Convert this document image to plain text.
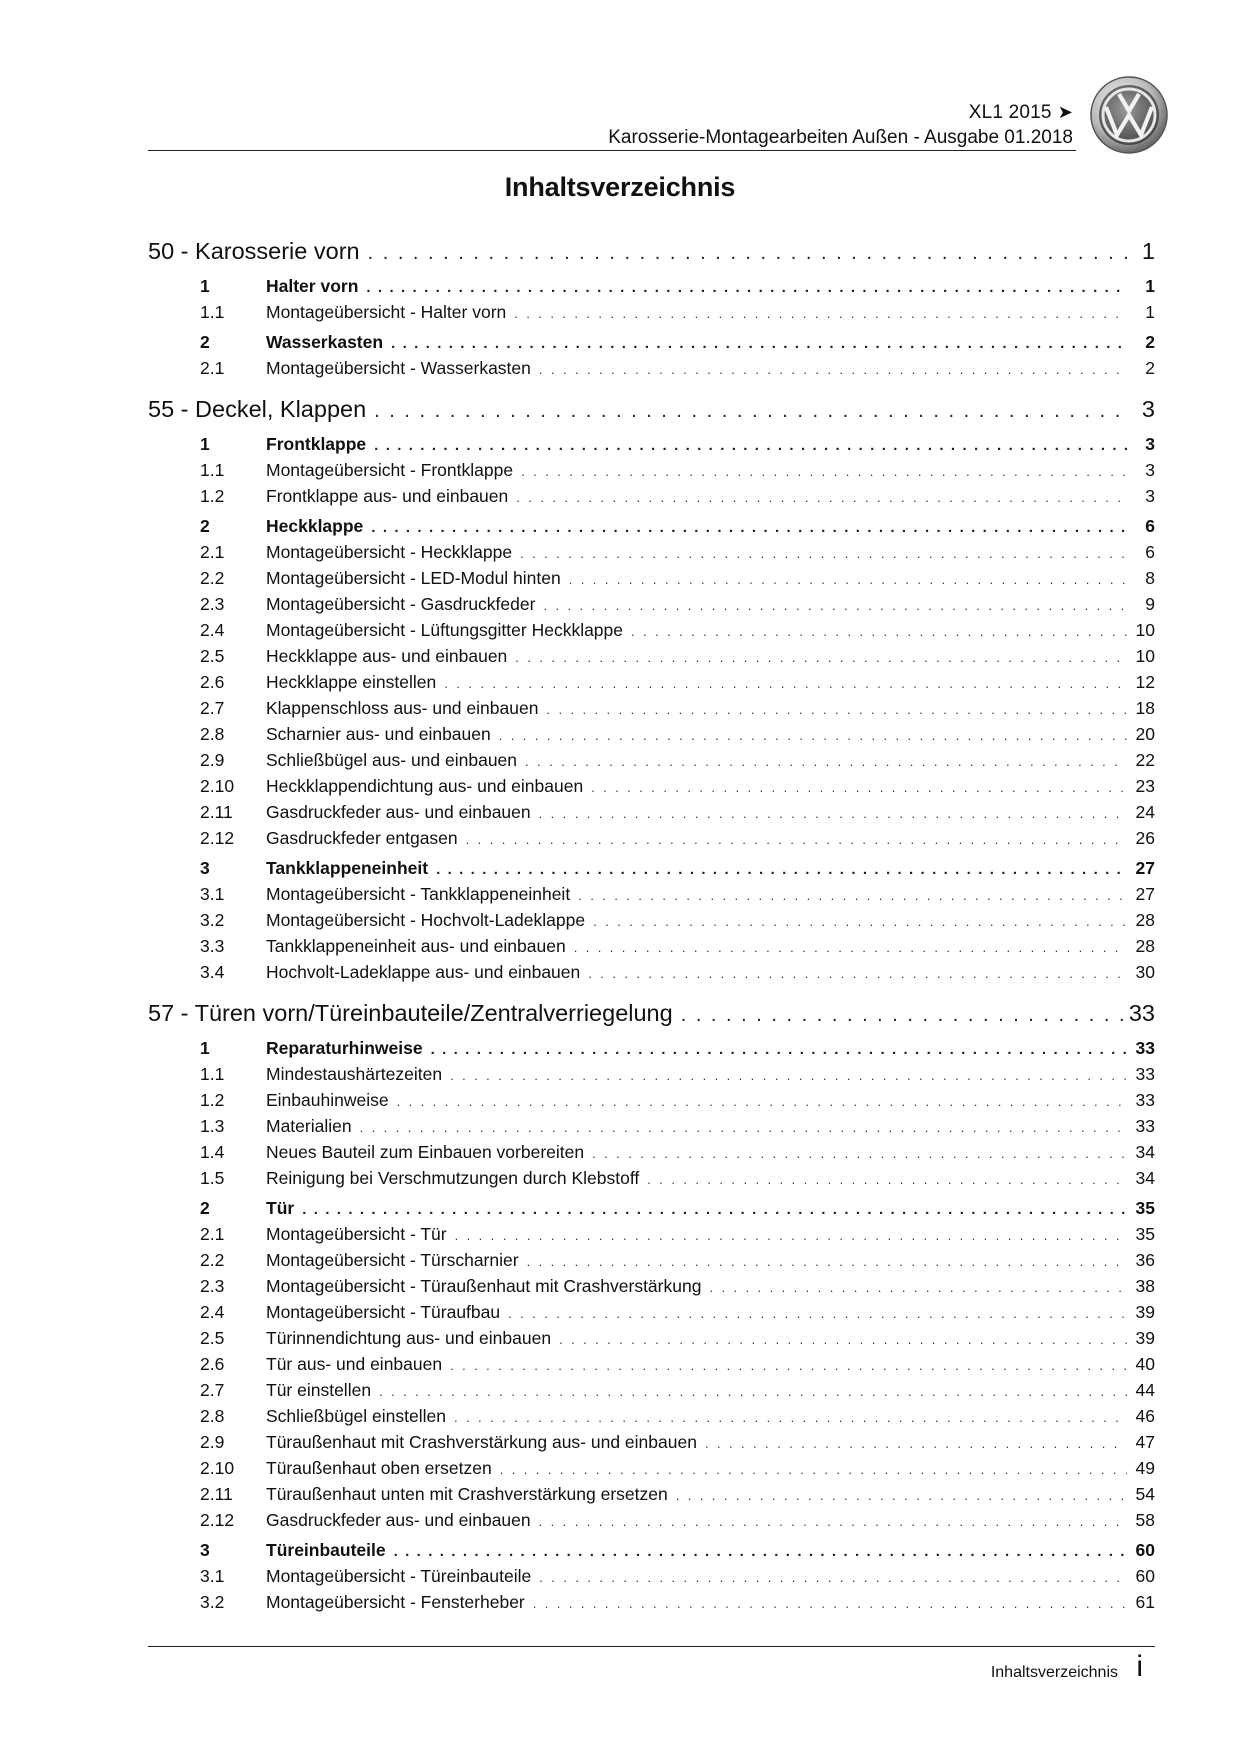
XL1 2015 ➤
Karosserie-Montagearbeiten Außen - Ausgabe 01.2018
Inhaltsverzeichnis
50 - Karosserie vorn . . .	1
1	Halter vorn . . .	1
1.1	Montageübersicht - Halter vorn . . .	1
2	Wasserkasten . . .	2
2.1	Montageübersicht - Wasserkasten . . .	2
55 - Deckel, Klappen . . .	3
1	Frontklappe . . .	3
1.1	Montageübersicht - Frontklappe . . .	3
1.2	Frontklappe aus- und einbauen . . .	3
2	Heckklappe . . .	6
2.1	Montageübersicht - Heckklappe . . .	6
2.2	Montageübersicht - LED-Modul hinten . . .	8
2.3	Montageübersicht - Gasdruckfeder . . .	9
2.4	Montageübersicht - Lüftungsgitter Heckklappe . . .	10
2.5	Heckklappe aus- und einbauen . . .	10
2.6	Heckklappe einstellen . . .	12
2.7	Klappenschloss aus- und einbauen . . .	18
2.8	Scharnier aus- und einbauen . . .	20
2.9	Schließbügel aus- und einbauen . . .	22
2.10	Heckklappendichtung aus- und einbauen . . .	23
2.11	Gasdruckfeder aus- und einbauen . . .	24
2.12	Gasdruckfeder entgasen . . .	26
3	Tankklappeneinheit . . .	27
3.1	Montageübersicht - Tankklappeneinheit . . .	27
3.2	Montageübersicht - Hochvolt-Ladeklappe . . .	28
3.3	Tankklappeneinheit aus- und einbauen . . .	28
3.4	Hochvolt-Ladeklappe aus- und einbauen . . .	30
57 - Türen vorn/Türeinbauteile/Zentralverriegelung . . .	33
1	Reparaturhinweise . . .	33
1.1	Mindestaushärtezeiten . . .	33
1.2	Einbauhinweise . . .	33
1.3	Materialien . . .	33
1.4	Neues Bauteil zum Einbauen vorbereiten . . .	34
1.5	Reinigung bei Verschmutzungen durch Klebstoff . . .	34
2	Tür . . .	35
2.1	Montageübersicht - Tür . . .	35
2.2	Montageübersicht - Türscharnier . . .	36
2.3	Montageübersicht - Türaußenhaut mit Crashverstärkung . . .	38
2.4	Montageübersicht - Türaufbau . . .	39
2.5	Türinnendichtung aus- und einbauen . . .	39
2.6	Tür aus- und einbauen . . .	40
2.7	Tür einstellen . . .	44
2.8	Schließbügel einstellen . . .	46
2.9	Türaußenhaut mit Crashverstärkung aus- und einbauen . . .	47
2.10	Türaußenhaut oben ersetzen . . .	49
2.11	Türaußenhaut unten mit Crashverstärkung ersetzen . . .	54
2.12	Gasdruckfeder aus- und einbauen . . .	58
3	Türeinbauteile . . .	60
3.1	Montageübersicht - Türeinbauteile . . .	60
3.2	Montageübersicht - Fensterheber . . .	61
Inhaltsverzeichnis i
